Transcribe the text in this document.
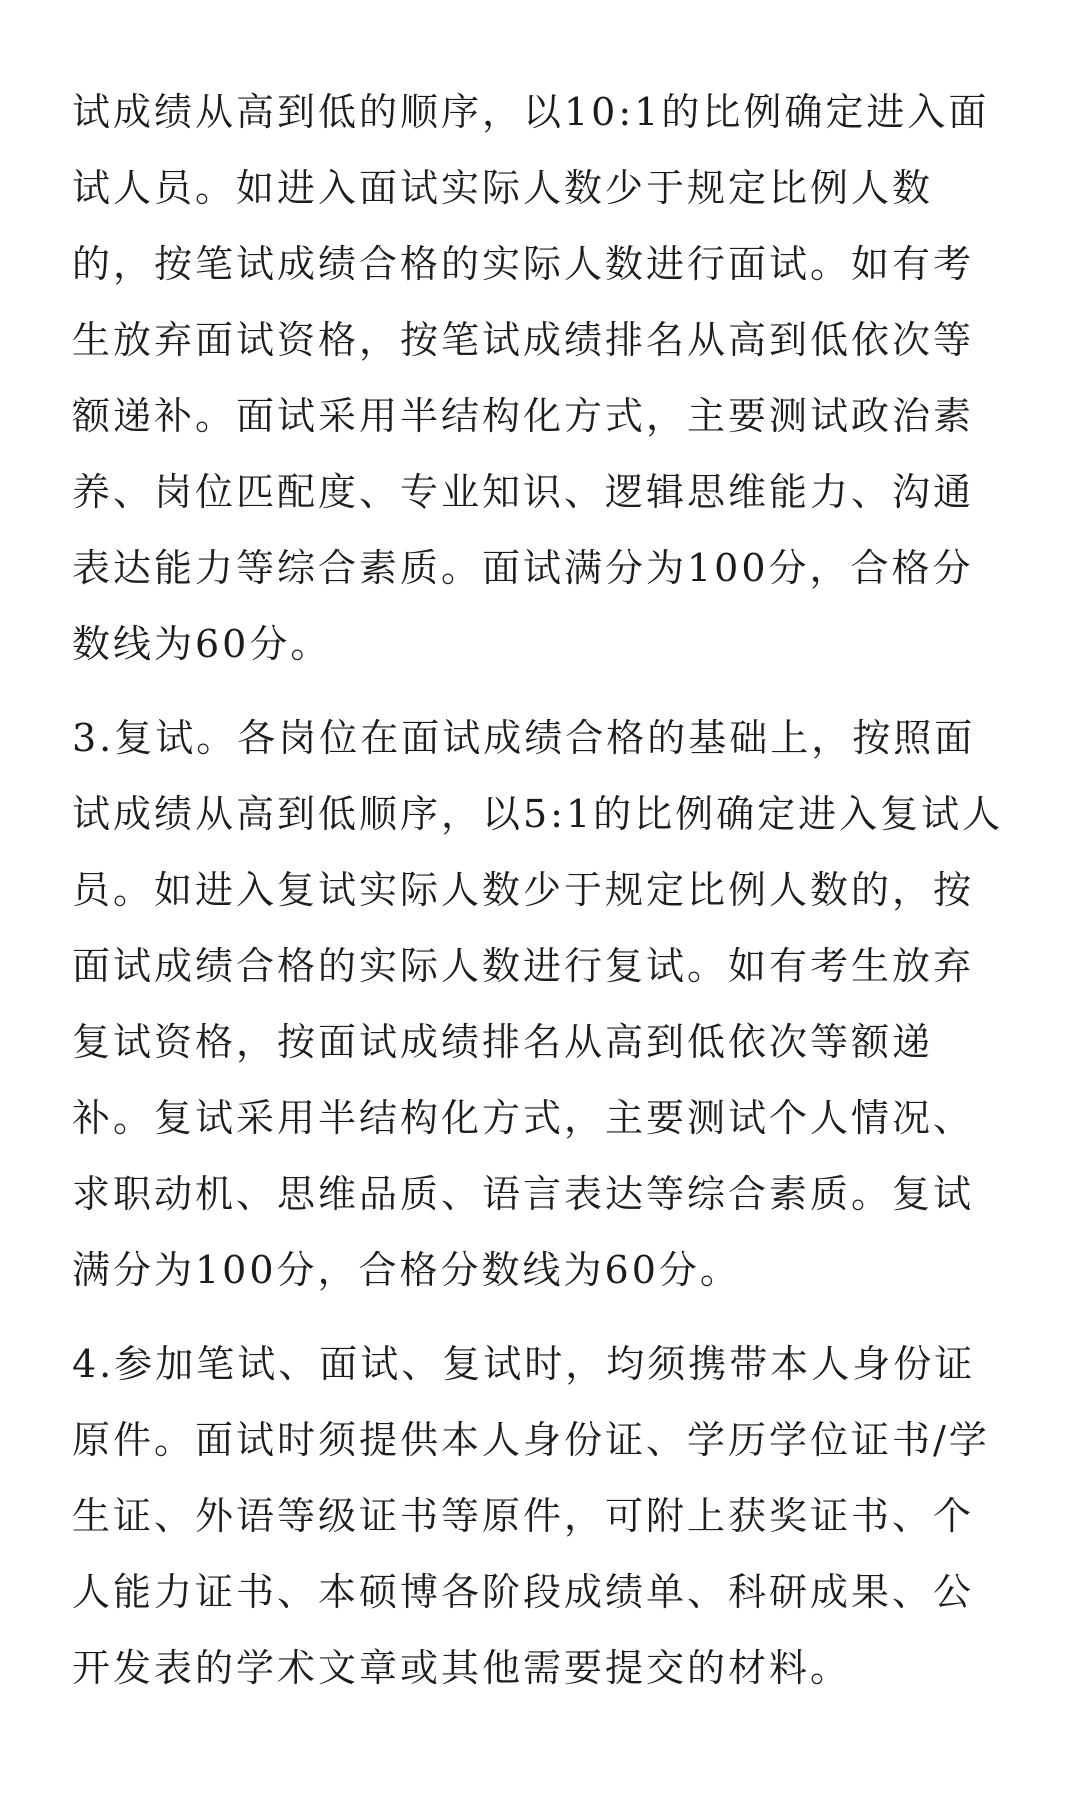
试成绩从高到低的顺序，以10:1的比例确定进入面
试人员。如进入面试实际人数少于规定比例人数
的，按笔试成绩合格的实际人数进行面试。如有考
生放弃面试资格，按笔试成绩排名从高到低依次等
额递补。面试采用半结构化方式，主要测试政治素
养、岗位匹配度、专业知识、逻辑思维能力、沟通
表达能力等综合素质。面试满分为100分，合格分
数线为60分。

3.复试。各岗位在面试成绩合格的基础上，按照面
试成绩从高到低顺序，以5:1的比例确定进入复试人
员。如进入复试实际人数少于规定比例人数的，按
面试成绩合格的实际人数进行复试。如有考生放弃
复试资格，按面试成绩排名从高到低依次等额递
补。复试采用半结构化方式，主要测试个人情况、
求职动机、思维品质、语言表达等综合素质。复试
满分为100分，合格分数线为60分。

4.参加笔试、面试、复试时，均须携带本人身份证
原件。面试时须提供本人身份证、学历学位证书/学
生证、外语等级证书等原件，可附上获奖证书、个
人能力证书、本硕博各阶段成绩单、科研成果、公
开发表的学术文章或其他需要提交的材料。
